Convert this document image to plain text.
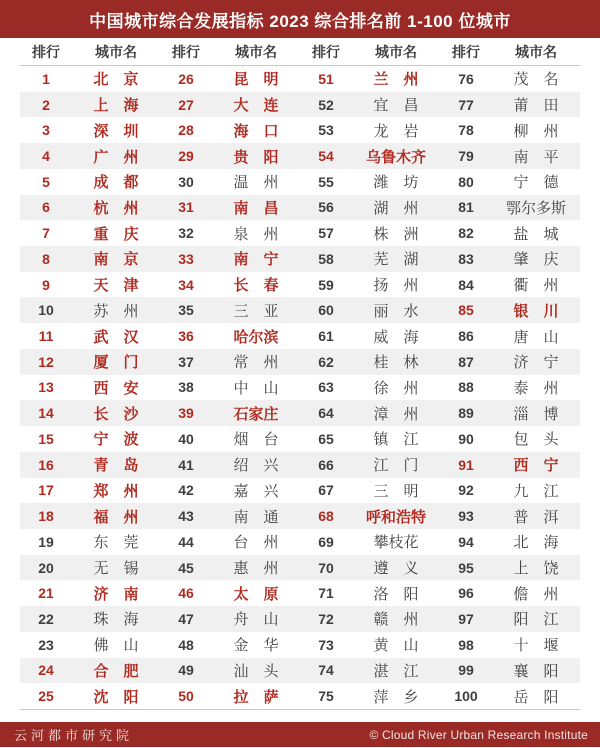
中国城市综合发展指标 2023 综合排名前 1-100 位城市
排行	城市名	排行	城市名	排行	城市名	排行	城市名
1	北　京	26	昆　明	51	兰　州	76	茂　名
2	上　海	27	大　连	52	宜　昌	77	莆　田
3	深　圳	28	海　口	53	龙　岩	78	柳　州
4	广　州	29	贵　阳	54	乌鲁木齐	79	南　平
5	成　都	30	温　州	55	潍　坊	80	宁　德
6	杭　州	31	南　昌	56	湖　州	81	鄂尔多斯
7	重　庆	32	泉　州	57	株　洲	82	盐　城
8	南　京	33	南　宁	58	芜　湖	83	肇　庆
9	天　津	34	长　春	59	扬　州	84	衢　州
10	苏　州	35	三　亚	60	丽　水	85	银　川
11	武　汉	36	哈尔滨	61	威　海	86	唐　山
12	厦　门	37	常　州	62	桂　林	87	济　宁
13	西　安	38	中　山	63	徐　州	88	泰　州
14	长　沙	39	石家庄	64	漳　州	89	淄　博
15	宁　波	40	烟　台	65	镇　江	90	包　头
16	青　岛	41	绍　兴	66	江　门	91	西　宁
17	郑　州	42	嘉　兴	67	三　明	92	九　江
18	福　州	43	南　通	68	呼和浩特	93	普　洱
19	东　莞	44	台　州	69	攀枝花	94	北　海
20	无　锡	45	惠　州	70	遵　义	95	上　饶
21	济　南	46	太　原	71	洛　阳	96	儋　州
22	珠　海	47	舟　山	72	赣　州	97	阳　江
23	佛　山	48	金　华	73	黄　山	98	十　堰
24	合　肥	49	汕　头	74	湛　江	99	襄　阳
25	沈　阳	50	拉　萨	75	萍　乡	100	岳　阳
云河都市研究院	© Cloud River Urban Research Institute
